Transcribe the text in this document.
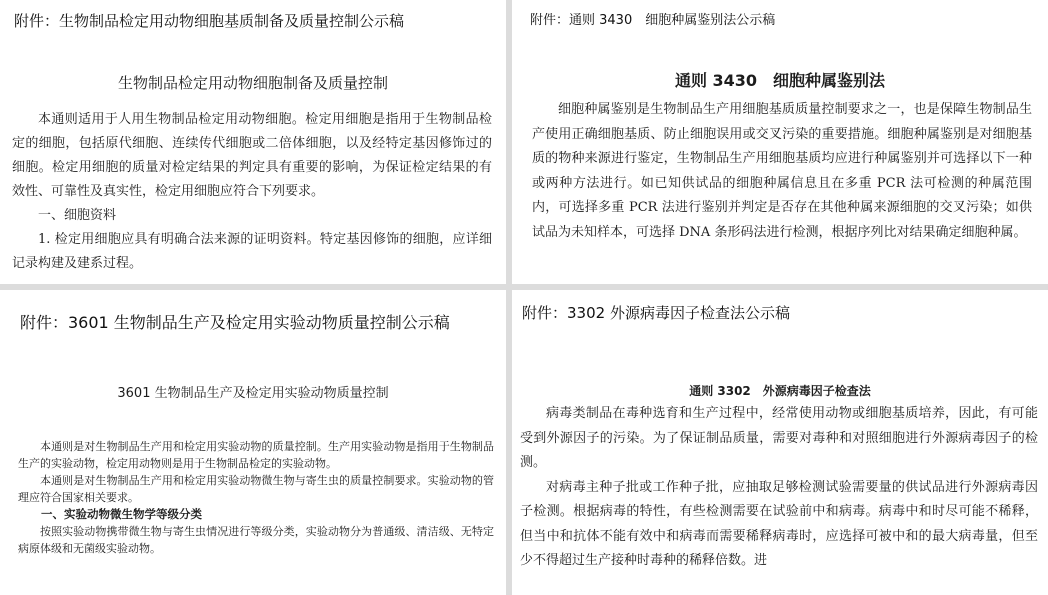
附件：生物制品检定用动物细胞基质制备及质量控制公示稿
生物制品检定用动物细胞制备及质量控制

本通则适用于人用生物制品检定用动物细胞。检定用细胞是指用于生物制品检定的细胞，包括原代细胞、连续传代细胞或二倍体细胞，以及经特定基因修饰过的细胞。检定用细胞的质量对检定结果的判定具有重要的影响，为保证检定结果的有效性、可靠性及真实性，检定用细胞应符合下列要求。

一、细胞资料

1. 检定用细胞应具有明确合法来源的证明资料。特定基因修饰的细胞，应详细记录构建及建系过程。

附件：通则 3430　细胞种属鉴别法公示稿
通则 3430　细胞种属鉴别法

细胞种属鉴别是生物制品生产用细胞基质质量控制要求之一，也是保障生物制品生产使用正确细胞基质、防止细胞误用或交叉污染的重要措施。细胞种属鉴别是对细胞基质的物种来源进行鉴定，生物制品生产用细胞基质均应进行种属鉴别并可选择以下一种或两种方法进行。如已知供试品的细胞种属信息且在多重 PCR 法可检测的种属范围内，可选择多重 PCR 法进行鉴别并判定是否存在其他种属来源细胞的交叉污染；如供试品为未知样本，可选择 DNA 条形码法进行检测，根据序列比对结果确定细胞种属。

附件：3601 生物制品生产及检定用实验动物质量控制公示稿
3601 生物制品生产及检定用实验动物质量控制

本通则是对生物制品生产用和检定用实验动物的质量控制。生产用实验动物是指用于生物制品生产的实验动物，检定用动物则是用于生物制品检定的实验动物。

本通则是对生物制品生产用和检定用实验动物微生物与寄生虫的质量控制要求。实验动物的管理应符合国家相关要求。

一、实验动物微生物学等级分类

按照实验动物携带微生物与寄生虫情况进行等级分类，实验动物分为普通级、清洁级、无特定病原体级和无菌级实验动物。

附件：3302 外源病毒因子检查法公示稿
通则 3302　外源病毒因子检查法

病毒类制品在毒种选育和生产过程中，经常使用动物或细胞基质培养，因此，有可能受到外源因子的污染。为了保证制品质量，需要对毒种和对照细胞进行外源病毒因子的检测。

对病毒主种子批或工作种子批，应抽取足够检测试验需要量的供试品进行外源病毒因子检测。根据病毒的特性，有些检测需要在试验前中和病毒。病毒中和时尽可能不稀释，但当中和抗体不能有效中和病毒而需要稀释病毒时，应选择可被中和的最大病毒量，但至少不得超过生产接种时毒种的稀释倍数。进
